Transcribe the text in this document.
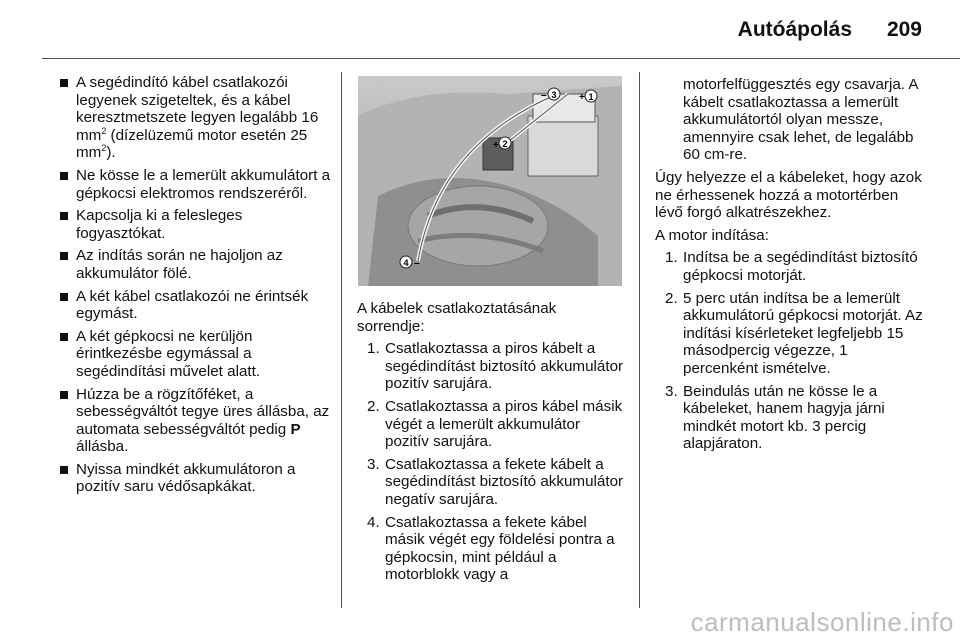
Autóápolás 209
A segédindító kábel csatlakozói legyenek szigeteltek, és a kábel keresztmetszete legyen legalább 16 $mm^2$ (dízelüzemű motor esetén 25 $mm^2$).
Ne kösse le a lemerült akkumulátort a gépkocsi elektromos rendszeréről.
Kapcsolja ki a felesleges fogyasztókat.
Az indítás során ne hajoljon az akkumulátor fölé.
A két kábel csatlakozói ne érintsék egymást.
A két gépkocsi ne kerüljön érintkezésbe egymással a segédindítási művelet alatt.
Húzza be a rögzítőféket, a sebességváltót tegye üres állásba, az automata sebességváltót pedig P állásba.
Nyissa mindkét akkumulátoron a pozitív saru védősapkákat.
1
2
3
4
+
+
–
–

A kábelek csatlakoztatásának sorrendje:

1. Csatlakoztassa a piros kábelt a segédindítást biztosító akkumulátor pozitív sarujára.
2. Csatlakoztassa a piros kábel másik végét a lemerült akkumulátor pozitív sarujára.
3. Csatlakoztassa a fekete kábelt a segédindítást biztosító akkumulátor negatív sarujára.
4. Csatlakoztassa a fekete kábel másik végét egy földelési pontra a gépkocsin, mint például a motorblokk vagy a

motorfelfüggesztés egy csavarja. A kábelt csatlakoztassa a lemerült akkumulátortól olyan messze, amennyire csak lehet, de legalább 60 cm-re.

Úgy helyezze el a kábeleket, hogy azok ne érhessenek hozzá a motortérben lévő forgó alkatrészekhez.

A motor indítása:

1. Indítsa be a segédindítást biztosító gépkocsi motorját.
2. 5 perc után indítsa be a lemerült akkumulátorú gépkocsi motorját. Az indítási kísérleteket legfeljebb 15 másodpercig végezze, 1 percenként ismételve.
3. Beindulás után ne kösse le a kábeleket, hanem hagyja járni mindkét motort kb. 3 percig alapjáraton.
carmanualsonline.info
